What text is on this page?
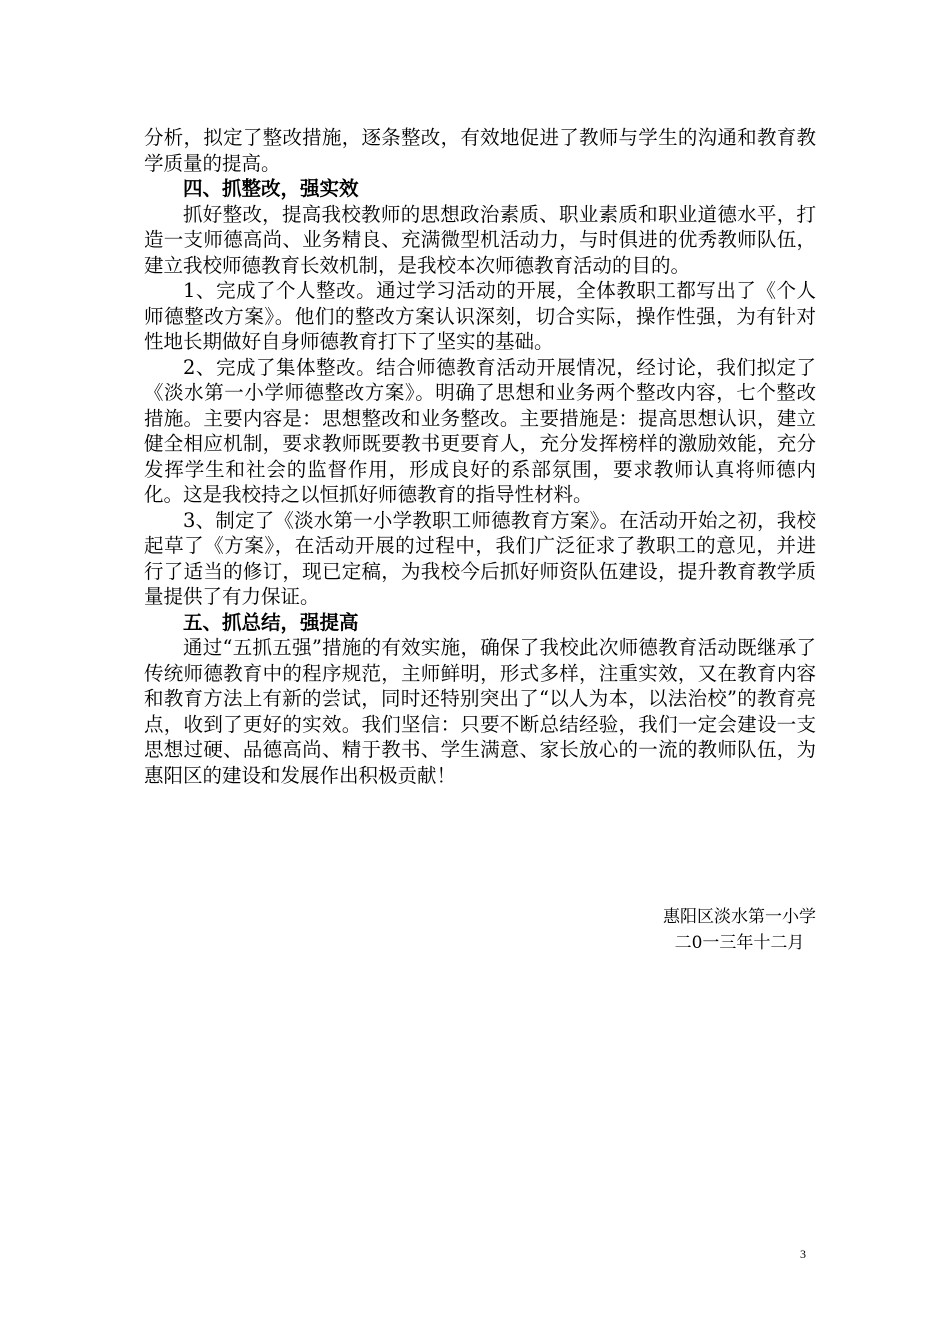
分析，拟定了整改措施，逐条整改，有效地促进了教师与学生的沟通和教育教学质量的提高。

四、抓整改，强实效

抓好整改，提高我校教师的思想政治素质、职业素质和职业道德水平，打造一支师德高尚、业务精良、充满微型机活动力，与时俱进的优秀教师队伍，建立我校师德教育长效机制，是我校本次师德教育活动的目的。

1、完成了个人整改。通过学习活动的开展，全体教职工都写出了《个人师德整改方案》。他们的整改方案认识深刻，切合实际，操作性强，为有针对性地长期做好自身师德教育打下了坚实的基础。

2、完成了集体整改。结合师德教育活动开展情况，经讨论，我们拟定了《淡水第一小学师德整改方案》。明确了思想和业务两个整改内容，七个整改措施。主要内容是：思想整改和业务整改。主要措施是：提高思想认识，建立健全相应机制，要求教师既要教书更要育人，充分发挥榜样的激励效能，充分发挥学生和社会的监督作用，形成良好的系部氛围，要求教师认真将师德内化。这是我校持之以恒抓好师德教育的指导性材料。

3、制定了《淡水第一小学教职工师德教育方案》。在活动开始之初，我校起草了《方案》，在活动开展的过程中，我们广泛征求了教职工的意见，并进行了适当的修订，现已定稿，为我校今后抓好师资队伍建设，提升教育教学质量提供了有力保证。

五、抓总结，强提高

通过“五抓五强”措施的有效实施，确保了我校此次师德教育活动既继承了传统师德教育中的程序规范，主师鲜明，形式多样，注重实效，又在教育内容和教育方法上有新的尝试，同时还特别突出了“以人为本，以法治校”的教育亮点，收到了更好的实效。我们坚信：只要不断总结经验，我们一定会建设一支思想过硬、品德高尚、精于教书、学生满意、家长放心的一流的教师队伍，为惠阳区的建设和发展作出积极贡献！

惠阳区淡水第一小学
二0一三年十二月
3
